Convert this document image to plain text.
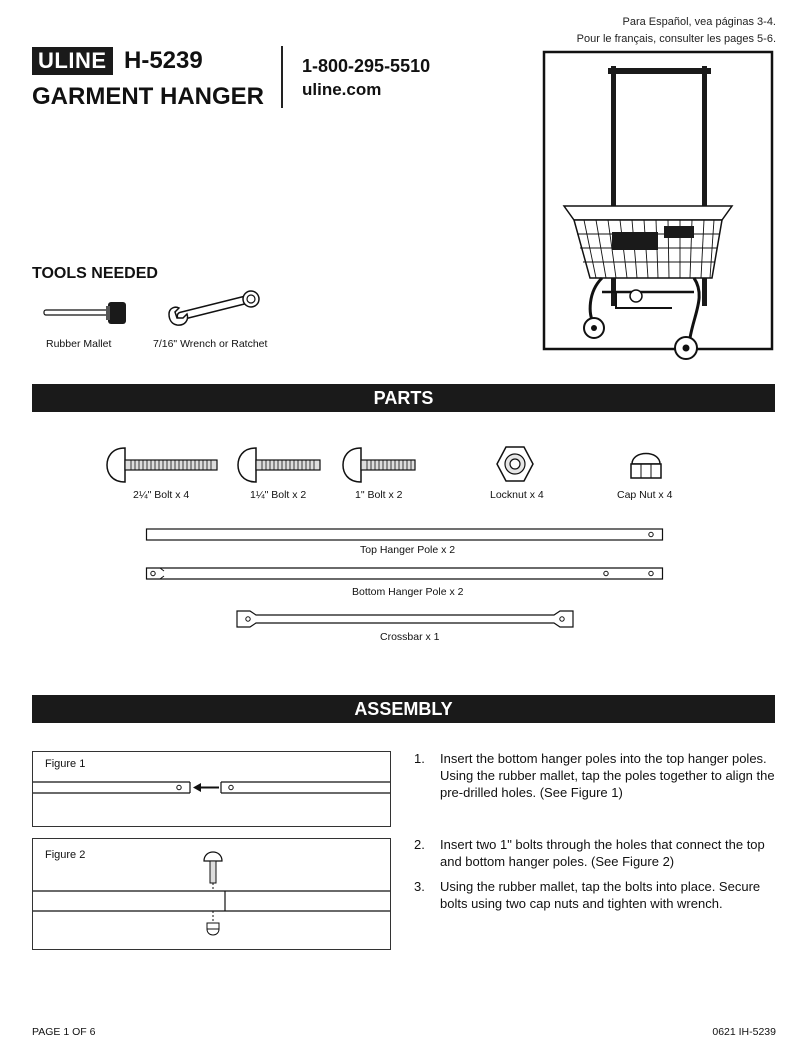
Para Español, vea páginas 3-4.
Pour le français, consulter les pages 5-6.
ULINE H-5239
GARMENT HANGER
1-800-295-5510
uline.com
TOOLS NEEDED
Rubber Mallet	7/16" Wrench or Ratchet
PARTS
2¼" Bolt x 4	1¼" Bolt x 2	1" Bolt x 2	Locknut x 4	Cap Nut x 4
Top Hanger Pole x 2
Bottom Hanger Pole x 2
Crossbar x 1
ASSEMBLY
Figure 1
Figure 2
1. Insert the bottom hanger poles into the top hanger poles. Using the rubber mallet, tap the poles together to align the pre-drilled holes. (See Figure 1)
2. Insert two 1" bolts through the holes that connect the top and bottom hanger poles. (See Figure 2)
3. Using the rubber mallet, tap the bolts into place. Secure bolts using two cap nuts and tighten with wrench.
PAGE 1 OF 6	0621 IH-5239
